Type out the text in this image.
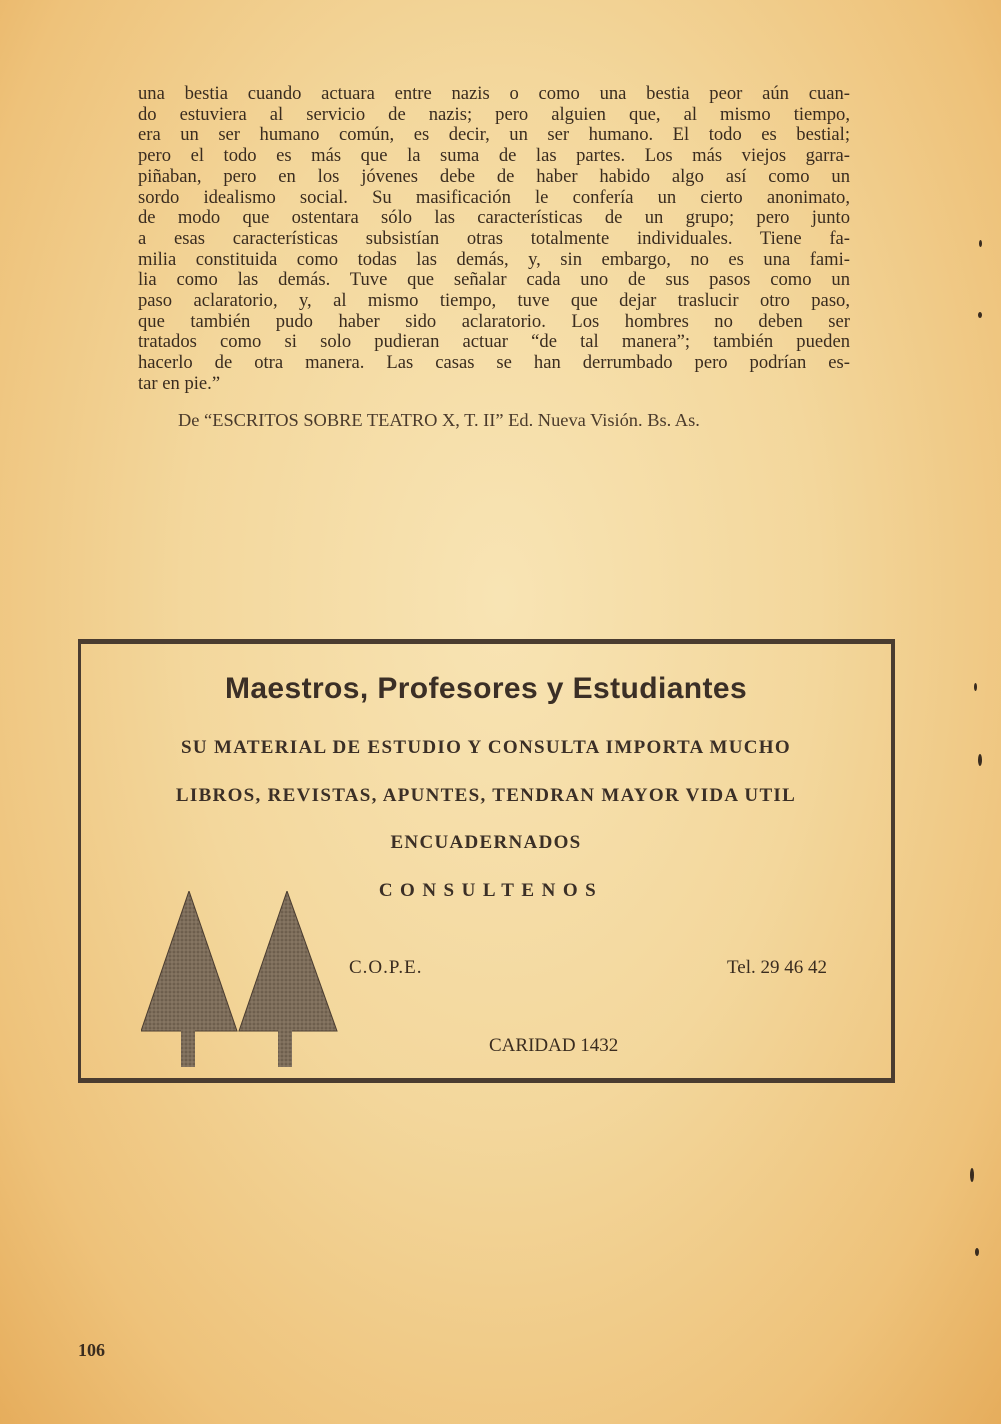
una bestia cuando actuara entre nazis o como una bestia peor aún cuan-
do estuviera al servicio de nazis; pero alguien que, al mismo tiempo,
era un ser humano común, es decir, un ser humano. El todo es bestial;
pero el todo es más que la suma de las partes. Los más viejos garra-
piñaban, pero en los jóvenes debe de haber habido algo así como un
sordo idealismo social. Su masificación le confería un cierto anonimato,
de modo que ostentara sólo las características de un grupo; pero junto
a esas características subsistían otras totalmente individuales. Tiene fa-
milia constituida como todas las demás, y, sin embargo, no es una fami-
lia como las demás. Tuve que señalar cada uno de sus pasos como un
paso aclaratorio, y, al mismo tiempo, tuve que dejar traslucir otro paso,
que también pudo haber sido aclaratorio. Los hombres no deben ser
tratados como si solo pudieran actuar “de tal manera”; también pueden
hacerlo de otra manera. Las casas se han derrumbado pero podrían es-
tar en pie.”
De “ESCRITOS SOBRE TEATRO X, T. II” Ed. Nueva Visión. Bs. As.
Maestros, Profesores y Estudiantes
SU MATERIAL DE ESTUDIO Y CONSULTA IMPORTA MUCHO
LIBROS, REVISTAS, APUNTES, TENDRAN MAYOR VIDA UTIL
ENCUADERNADOS
CONSULTENOS
C.O.P.E.	Tel. 29 46 42
CARIDAD 1432
106
